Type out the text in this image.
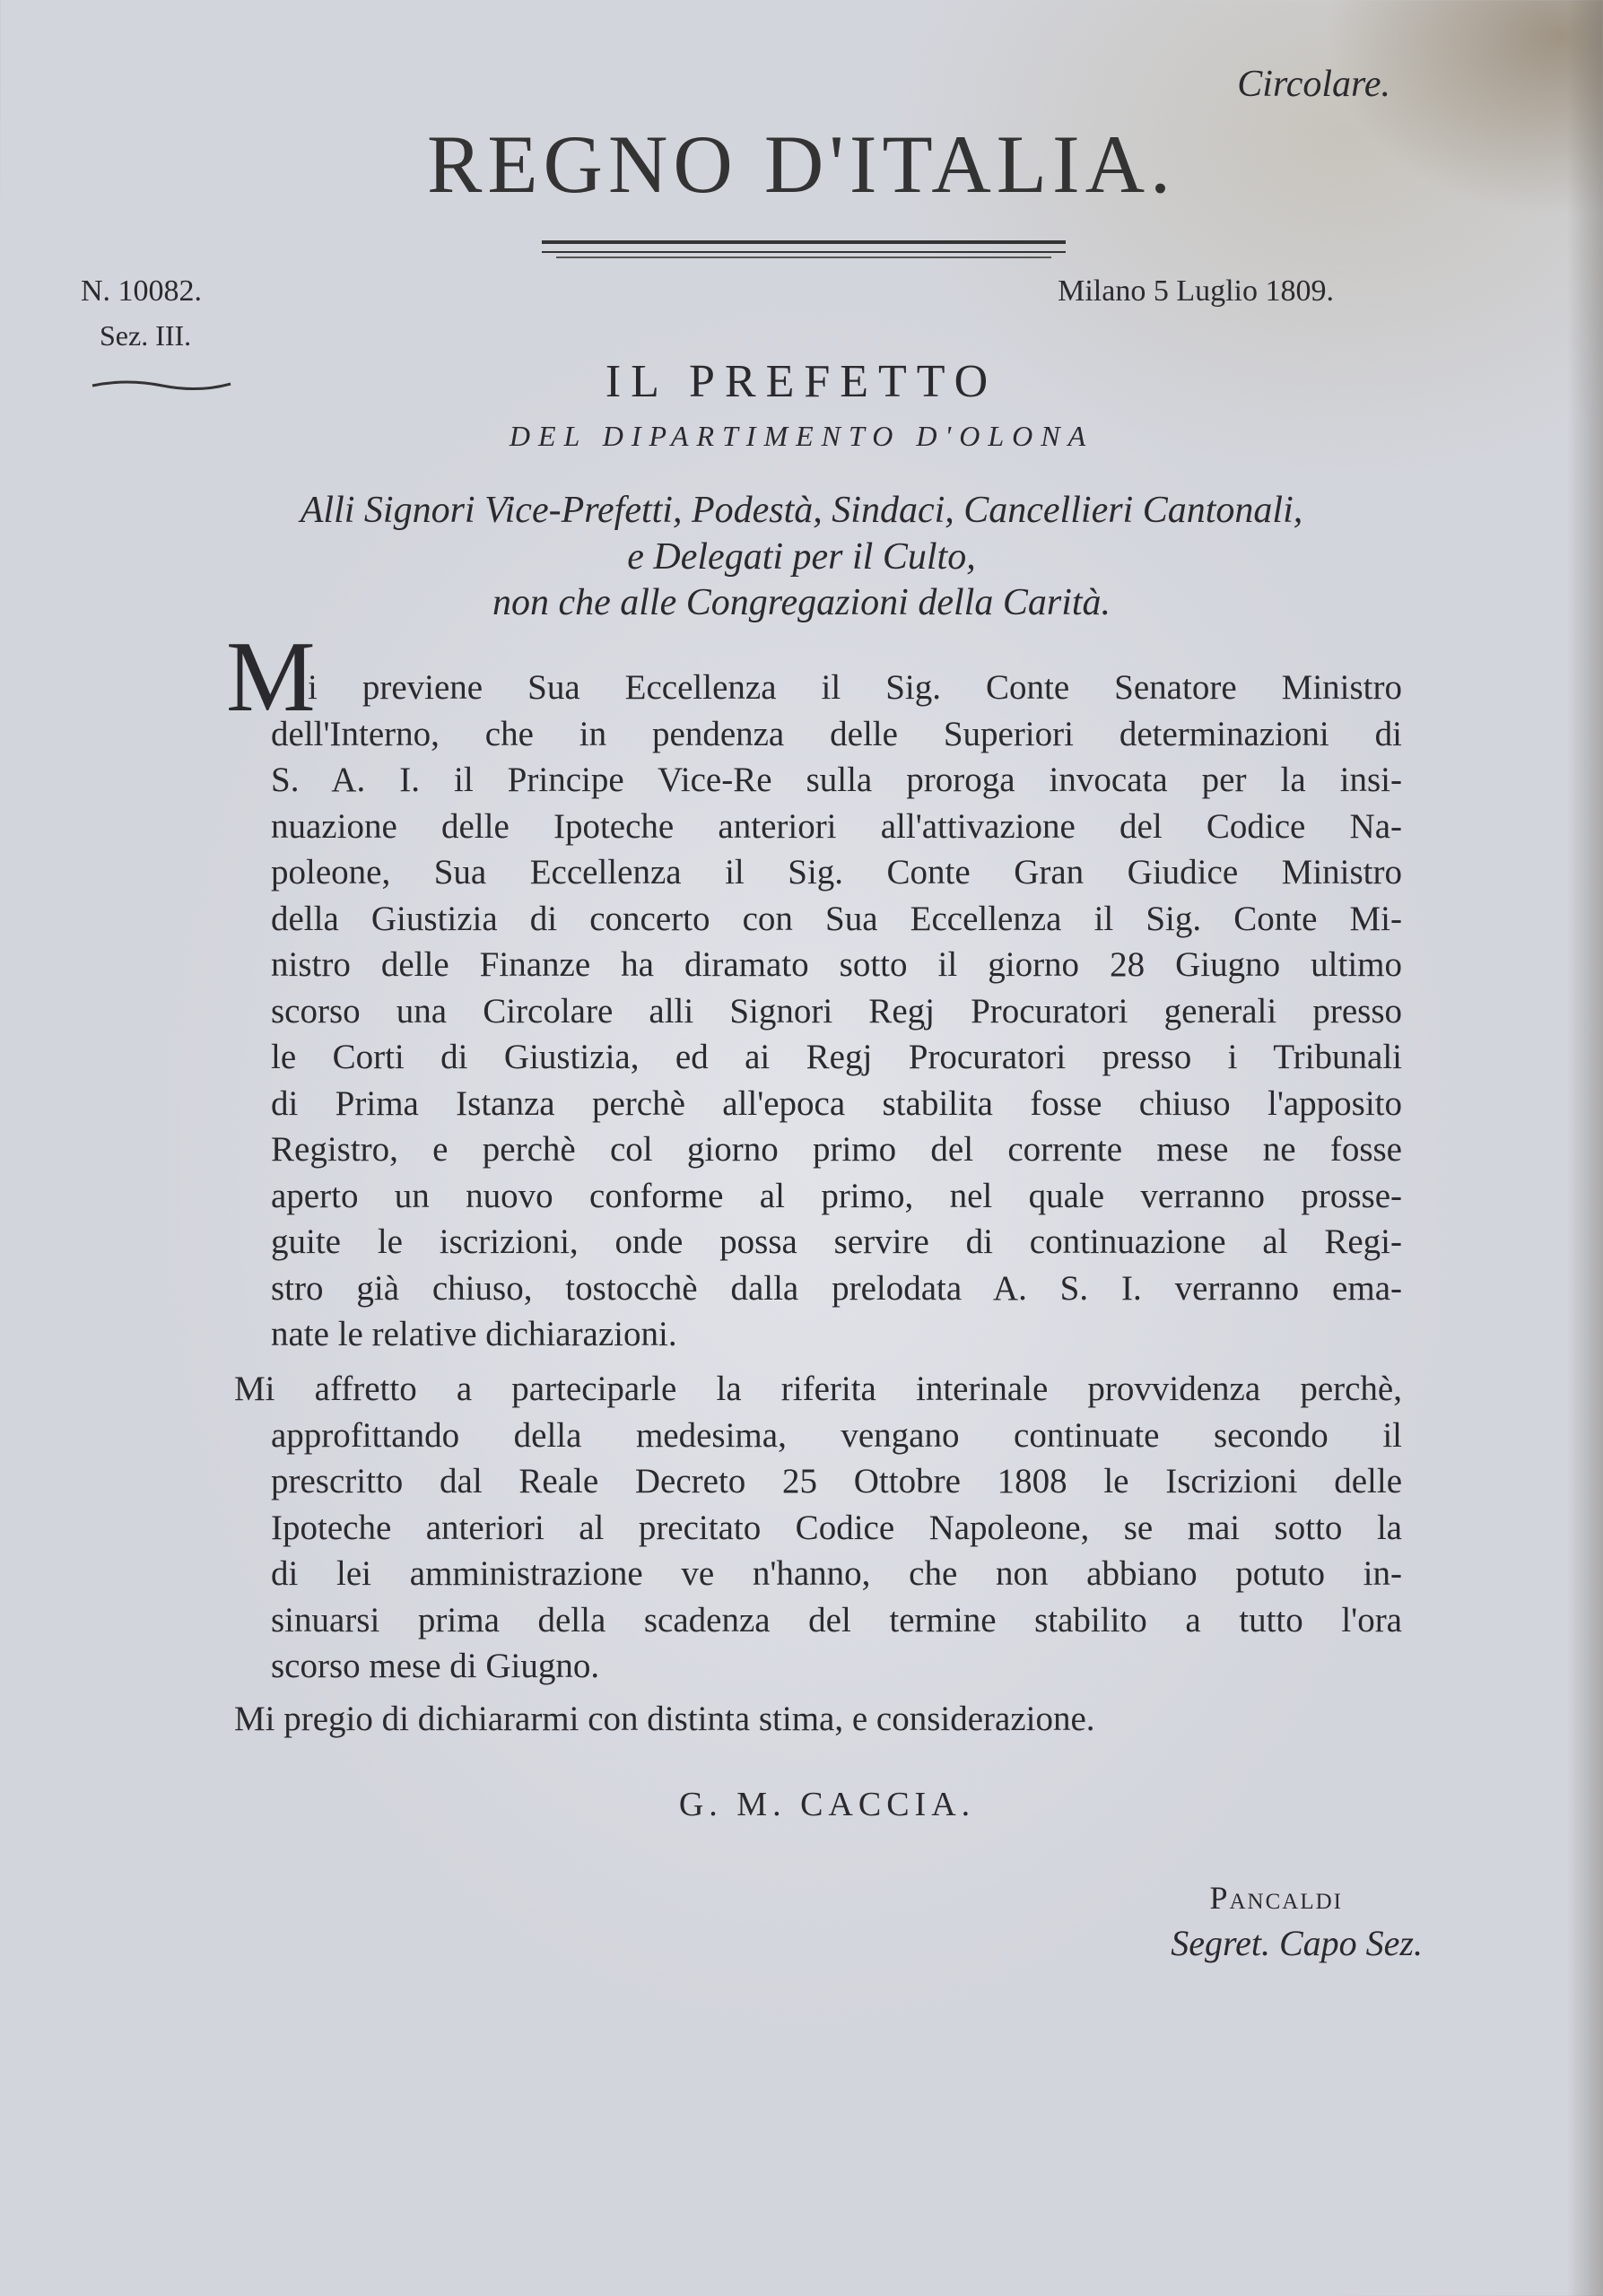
Circolare.
REGNO D'ITALIA.
N. 10082.
Sez. III.
Milano 5 Luglio 1809.
IL PREFETTO
DEL DIPARTIMENTO D'OLONA
Alli Signori Vice-Prefetti, Podestà, Sindaci, Cancellieri Cantonali,
e Delegati per il Culto,
non che alle Congregazioni della Carità.
M
i previene Sua Eccellenza il Sig. Conte Senatore Ministro
dell'Interno, che in pendenza delle Superiori determinazioni di
S. A. I. il Principe Vice-Re sulla proroga invocata per la insi-
nuazione delle Ipoteche anteriori all'attivazione del Codice Na-
poleone, Sua Eccellenza il Sig. Conte Gran Giudice Ministro
della Giustizia di concerto con Sua Eccellenza il Sig. Conte Mi-
nistro delle Finanze ha diramato sotto il giorno 28 Giugno ultimo
scorso una Circolare alli Signori Regj Procuratori generali presso
le Corti di Giustizia, ed ai Regj Procuratori presso i Tribunali
di Prima Istanza perchè all'epoca stabilita fosse chiuso l'apposito
Registro, e perchè col giorno primo del corrente mese ne fosse
aperto un nuovo conforme al primo, nel quale verranno prosse-
guite le iscrizioni, onde possa servire di continuazione al Regi-
stro già chiuso, tostocchè dalla prelodata A. S. I. verranno ema-
nate le relative dichiarazioni.
Mi affretto a parteciparle la riferita interinale provvidenza perchè,
approfittando della medesima, vengano continuate secondo il
prescritto dal Reale Decreto 25 Ottobre 1808 le Iscrizioni delle
Ipoteche anteriori al precitato Codice Napoleone, se mai sotto la
di lei amministrazione ve n'hanno, che non abbiano potuto in-
sinuarsi prima della scadenza del termine stabilito a tutto l'ora
scorso mese di Giugno.
Mi pregio di dichiararmi con distinta stima, e considerazione.
G. M. CACCIA.
Pancaldi
Segret. Capo Sez.
